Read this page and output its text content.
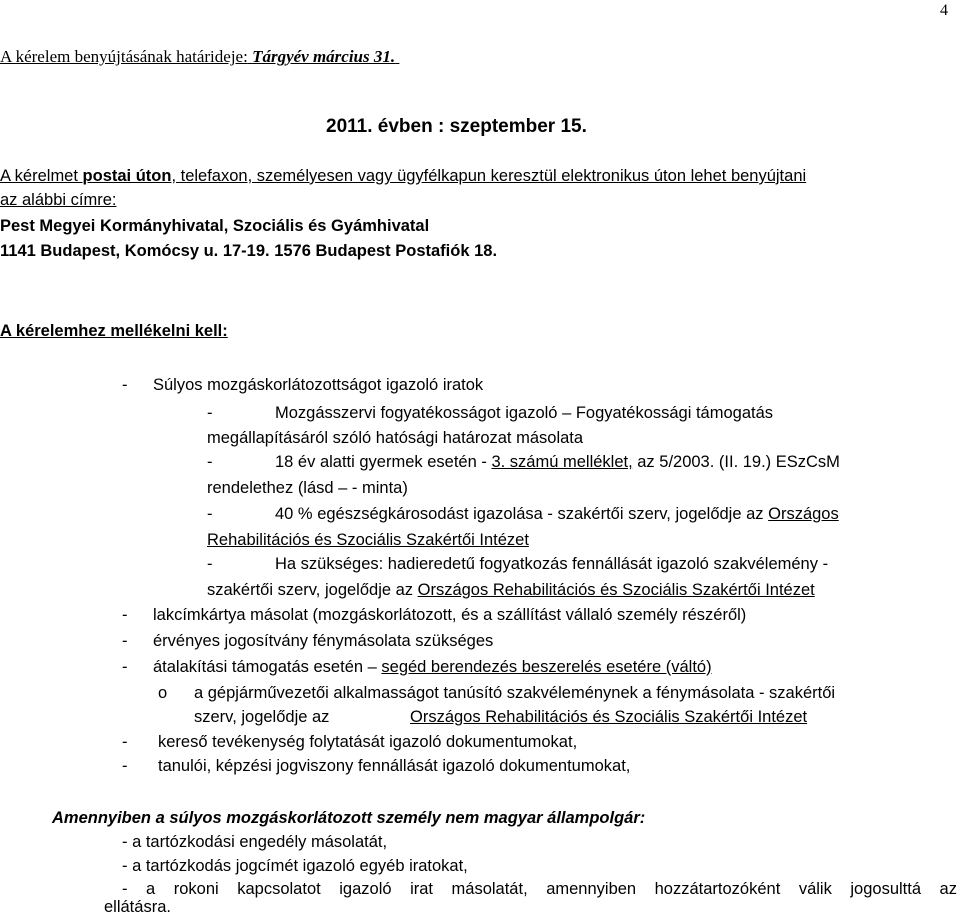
4
A kérelem benyújtásának határideje: Tárgyév március 31.
2011. évben : szeptember 15.
A kérelmet postai úton, telefaxon, személyesen vagy ügyfélkapun keresztül elektronikus úton lehet benyújtani
az alábbi címre:
Pest Megyei Kormányhivatal, Szociális és Gyámhivatal
1141 Budapest, Komócsy u. 17-19. 1576 Budapest Postafiók 18.
A kérelemhez mellékelni kell:
- Súlyos mozgáskorlátozottságot igazoló iratok
-	Mozgásszervi fogyatékosságot igazoló – Fogyatékossági támogatás
megállapításáról szóló hatósági határozat másolata
-	18 év alatti gyermek esetén - 3. számú melléklet, az 5/2003. (II. 19.) ESzCsM
rendelethez (lásd – - minta)
-	40 % egészségkárosodást igazolása - szakértői szerv, jogelődje az Országos
Rehabilitációs és Szociális Szakértői Intézet
-	Ha szükséges: hadieredetű fogyatkozás fennállását igazoló szakvélemény -
szakértői szerv, jogelődje az Országos Rehabilitációs és Szociális Szakértői Intézet
- lakcímkártya másolat (mozgáskorlátozott, és a szállítást vállaló személy részéről)
- érvényes jogosítvány fénymásolata szükséges
- átalakítási támogatás esetén – segéd berendezés beszerelés esetére (váltó)
o a gépjárművezetői alkalmasságot tanúsító szakvéleménynek a fénymásolata - szakértői
szerv, jogelődje az	Országos Rehabilitációs és Szociális Szakértői Intézet
- kereső tevékenység folytatását igazoló dokumentumokat,
- tanulói, képzési jogviszony fennállását igazoló dokumentumokat,
Amennyiben a súlyos mozgáskorlátozott személy nem magyar állampolgár:
- a tartózkodási engedély másolatát,
- a tartózkodás jogcímét igazoló egyéb iratokat,
- a rokoni kapcsolatot igazoló irat másolatát, amennyiben hozzátartozóként válik jogosulttá az
ellátásra.
